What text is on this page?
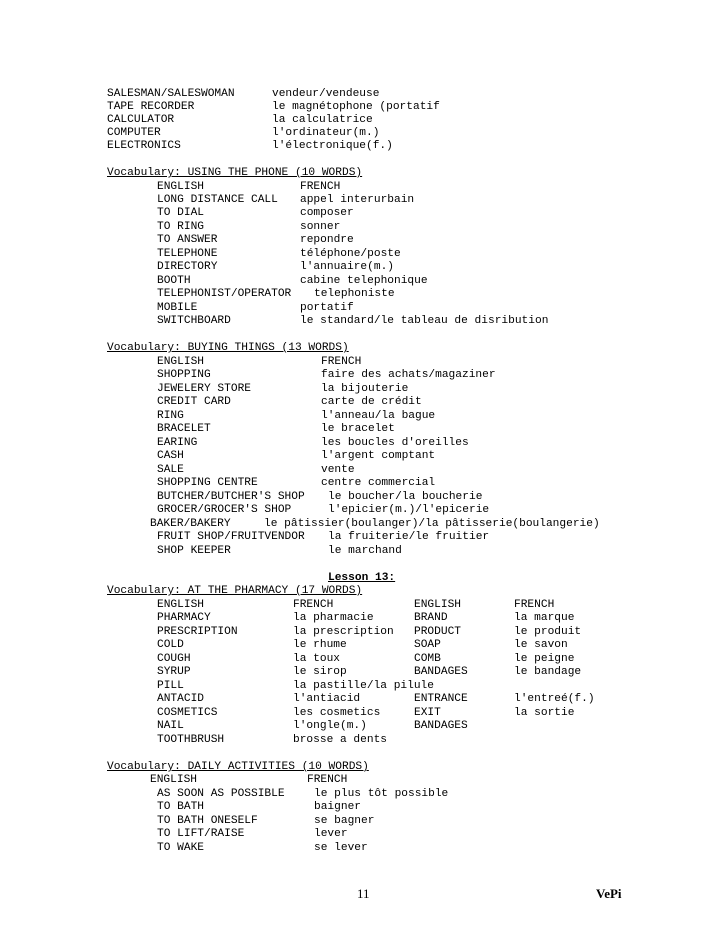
SALESMAN/SALESWOMAN	vendeur/vendeuse
TAPE RECORDER	le magnétophone (portatif
CALCULATOR	la calculatrice
COMPUTER	l'ordinateur(m.)
ELECTRONICS	l'électronique(f.)
Vocabulary: USING THE PHONE (10 WORDS)
ENGLISH	FRENCH
LONG DISTANCE CALL appel interurbain
TO DIAL	composer
TO RING	sonner
TO ANSWER	repondre
TELEPHONE	téléphone/poste
DIRECTORY	l'annuaire(m.)
BOOTH	cabine telephonique
TELEPHONIST/OPERATOR telephoniste
MOBILE	portatif
SWITCHBOARD	le standard/le tableau de disribution
Vocabulary: BUYING THINGS (13 WORDS)
ENGLISH	FRENCH
SHOPPING	faire des achats/magaziner
JEWELERY STORE	la bijouterie
CREDIT CARD	carte de crédit
RING	l'anneau/la bague
BRACELET	le bracelet
EARING	les boucles d'oreilles
CASH	l'argent comptant
SALE	vente
SHOPPING CENTRE	centre commercial
BUTCHER/BUTCHER'S SHOP le boucher/la boucherie
GROCER/GROCER'S SHOP	l'epicier(m.)/l'epicerie
BAKER/BAKERY	le pâtissier(boulanger)/la pâtisserie(boulangerie)
FRUIT SHOP/FRUITVENDOR la fruiterie/le fruitier
SHOP KEEPER	le marchand
Lesson 13:
Vocabulary: AT THE PHARMACY (17 WORDS)
ENGLISH	FRENCH	ENGLISH	FRENCH
PHARMACY	la pharmacie	BRAND	la marque
PRESCRIPTION	la prescription PRODUCT	le produit
COLD	le rhume	SOAP	le savon
COUGH	la toux	COMB	le peigne
SYRUP	le sirop	BANDAGES	le bandage
PILL	la pastille/la pilule
ANTACID	l'antiacid	ENTRANCE	l'entreé(f.)
COSMETICS	les cosmetics	EXIT	la sortie
NAIL	l'ongle(m.)	BANDAGES
TOOTHBRUSH	brosse a dents
Vocabulary: DAILY ACTIVITIES (10 WORDS)
ENGLISH	FRENCH
AS SOON AS POSSIBLE	le plus tôt possible
TO BATH	baigner
TO BATH ONESELF	se bagner
TO LIFT/RAISE	lever
TO WAKE	se lever
11	VePi
